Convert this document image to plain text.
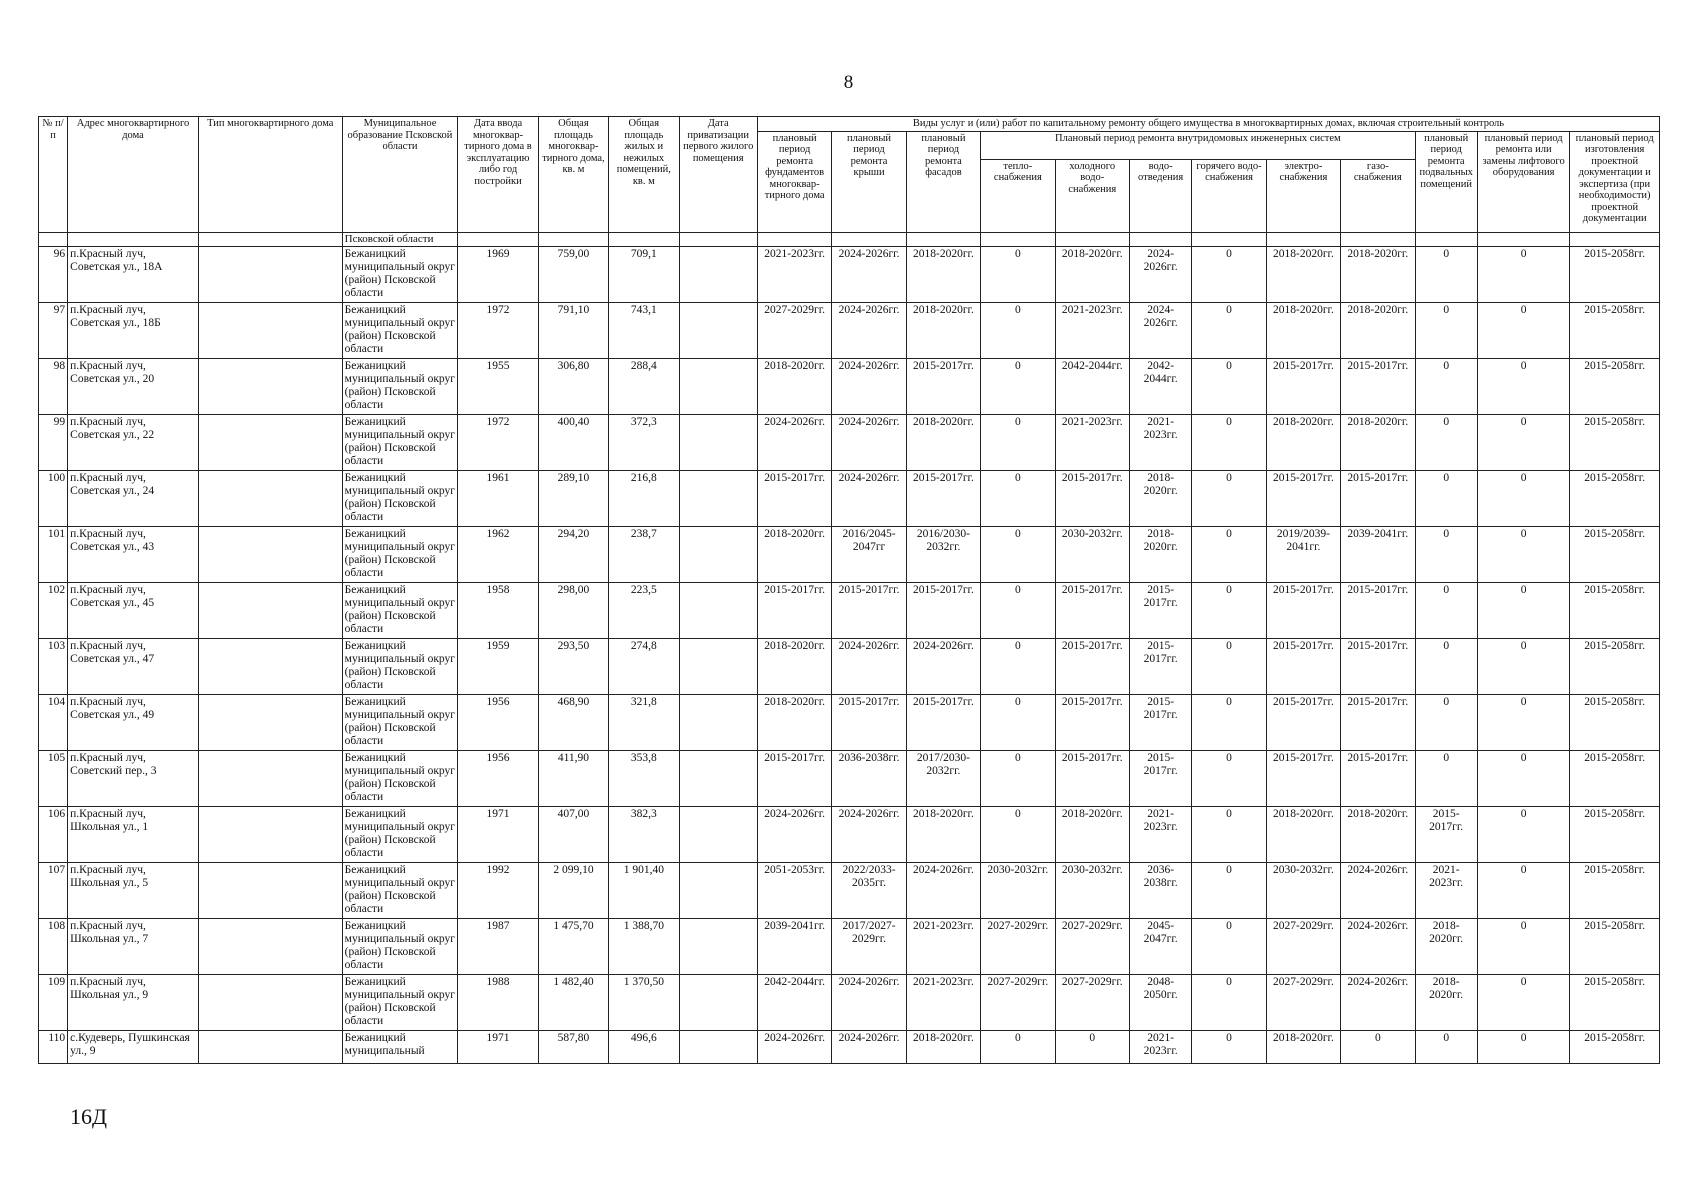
8
№ п/п	Адрес многоквартирного дома	Тип многоквартирного дома	Муниципальное образование Псковской области	Дата ввода многоквар-тирного дома в эксплуатацию либо год постройки	Общая площадь многоквар-тирного дома, кв. м	Общая площадь жилых и нежилых помещений, кв. м	Дата приватизации первого жилого помещения	Виды услуг и (или) работ по капитальному ремонту общего имущества в многоквартирных домах, включая строительный контроль											
								плановый период ремонта фундаментов многоквар-тирного дома	плановый период ремонта крыши	плановый период ремонта фасадов	Плановый период ремонта внутридомовых инженерных систем						плановый период ремонта подвальных помещений	плановый период ремонта или замены лифтового оборудования	плановый период изготовления проектной документации и экспертиза (при необходимости) проектной документации
											тепло-снабжения	холодного водо-снабжения	водо-отведения	горячего водо-снабжения	электро-снабжения	газо-снабжения			
			Псковской области																
96	п.Красный луч, Советская ул., 18А		Бежаницкий муниципальный округ (район) Псковской области	1969	759,00	709,1		2021-2023гг.	2024-2026гг.	2018-2020гг.	0	2018-2020гг.	2024-2026гг.	0	2018-2020гг.	2018-2020гг.	0	0	2015-2058гг.
97	п.Красный луч, Советская ул., 18Б		Бежаницкий муниципальный округ (район) Псковской области	1972	791,10	743,1		2027-2029гг.	2024-2026гг.	2018-2020гг.	0	2021-2023гг.	2024-2026гг.	0	2018-2020гг.	2018-2020гг.	0	0	2015-2058гг.
98	п.Красный луч, Советская ул., 20		Бежаницкий муниципальный округ (район) Псковской области	1955	306,80	288,4		2018-2020гг.	2024-2026гг.	2015-2017гг.	0	2042-2044гг.	2042-2044гг.	0	2015-2017гг.	2015-2017гг.	0	0	2015-2058гг.
99	п.Красный луч, Советская ул., 22		Бежаницкий муниципальный округ (район) Псковской области	1972	400,40	372,3		2024-2026гг.	2024-2026гг.	2018-2020гг.	0	2021-2023гг.	2021-2023гг.	0	2018-2020гг.	2018-2020гг.	0	0	2015-2058гг.
100	п.Красный луч, Советская ул., 24		Бежаницкий муниципальный округ (район) Псковской области	1961	289,10	216,8		2015-2017гг.	2024-2026гг.	2015-2017гг.	0	2015-2017гг.	2018-2020гг.	0	2015-2017гг.	2015-2017гг.	0	0	2015-2058гг.
101	п.Красный луч, Советская ул., 43		Бежаницкий муниципальный округ (район) Псковской области	1962	294,20	238,7		2018-2020гг.	2016/2045-2047гг	2016/2030-2032гг.	0	2030-2032гг.	2018-2020гг.	0	2019/2039-2041гг.	2039-2041гг.	0	0	2015-2058гг.
102	п.Красный луч, Советская ул., 45		Бежаницкий муниципальный округ (район) Псковской области	1958	298,00	223,5		2015-2017гг.	2015-2017гг.	2015-2017гг.	0	2015-2017гг.	2015-2017гг.	0	2015-2017гг.	2015-2017гг.	0	0	2015-2058гг.
103	п.Красный луч, Советская ул., 47		Бежаницкий муниципальный округ (район) Псковской области	1959	293,50	274,8		2018-2020гг.	2024-2026гг.	2024-2026гг.	0	2015-2017гг.	2015-2017гг.	0	2015-2017гг.	2015-2017гг.	0	0	2015-2058гг.
104	п.Красный луч, Советская ул., 49		Бежаницкий муниципальный округ (район) Псковской области	1956	468,90	321,8		2018-2020гг.	2015-2017гг.	2015-2017гг.	0	2015-2017гг.	2015-2017гг.	0	2015-2017гг.	2015-2017гг.	0	0	2015-2058гг.
105	п.Красный луч, Советский пер., 3		Бежаницкий муниципальный округ (район) Псковской области	1956	411,90	353,8		2015-2017гг.	2036-2038гг.	2017/2030-2032гг.	0	2015-2017гг.	2015-2017гг.	0	2015-2017гг.	2015-2017гг.	0	0	2015-2058гг.
106	п.Красный луч, Школьная ул., 1		Бежаницкий муниципальный округ (район) Псковской области	1971	407,00	382,3		2024-2026гг.	2024-2026гг.	2018-2020гг.	0	2018-2020гг.	2021-2023гг.	0	2018-2020гг.	2018-2020гг.	2015-2017гг.	0	2015-2058гг.
107	п.Красный луч, Школьная ул., 5		Бежаницкий муниципальный округ (район) Псковской области	1992	2 099,10	1 901,40		2051-2053гг.	2022/2033-2035гг.	2024-2026гг.	2030-2032гг.	2030-2032гг.	2036-2038гг.	0	2030-2032гг.	2024-2026гг.	2021-2023гг.	0	2015-2058гг.
108	п.Красный луч, Школьная ул., 7		Бежаницкий муниципальный округ (район) Псковской области	1987	1 475,70	1 388,70		2039-2041гг.	2017/2027-2029гг.	2021-2023гг.	2027-2029гг.	2027-2029гг.	2045-2047гг.	0	2027-2029гг.	2024-2026гг.	2018-2020гг.	0	2015-2058гг.
109	п.Красный луч, Школьная ул., 9		Бежаницкий муниципальный округ (район) Псковской области	1988	1 482,40	1 370,50		2042-2044гг.	2024-2026гг.	2021-2023гг.	2027-2029гг.	2027-2029гг.	2048-2050гг.	0	2027-2029гг.	2024-2026гг.	2018-2020гг.	0	2015-2058гг.
110	с.Кудеверь, Пушкинская ул., 9		Бежаницкий муниципальный	1971	587,80	496,6		2024-2026гг.	2024-2026гг.	2018-2020гг.	0	0	2021-2023гг.	0	2018-2020гг.	0	0	0	2015-2058гг.
16Д
